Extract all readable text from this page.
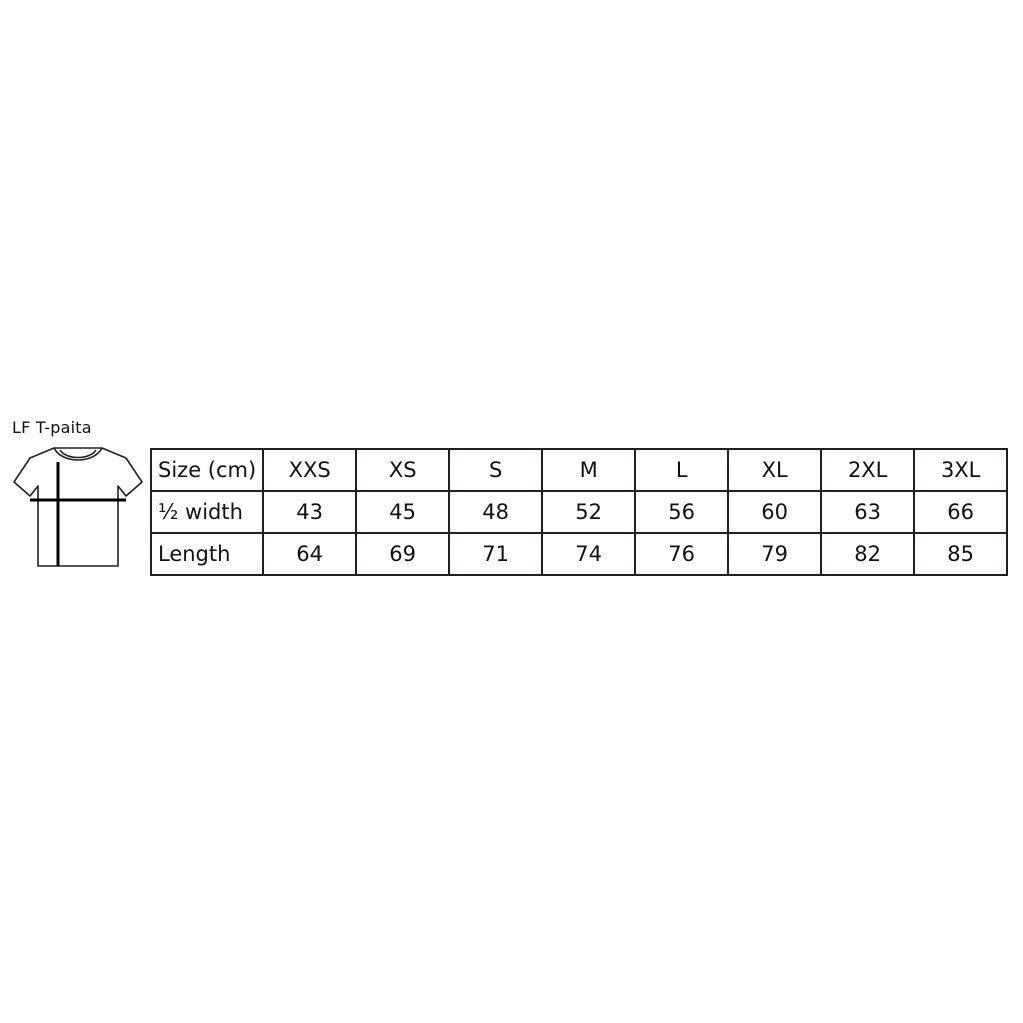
LF T-paita
Size (cm)	XXS	XS	S	M	L	XL	2XL	3XL
½ width	43	45	48	52	56	60	63	66
Length	64	69	71	74	76	79	82	85
